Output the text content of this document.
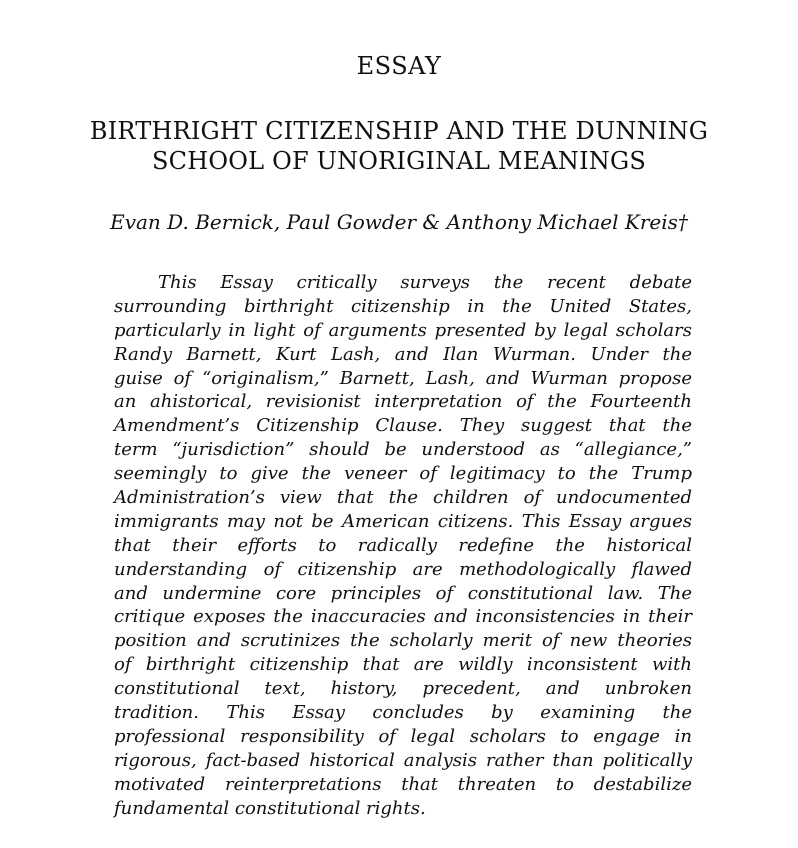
ESSAY
BIRTHRIGHT CITIZENSHIP AND THE DUNNING
SCHOOL OF UNORIGINAL MEANINGS
Evan D. Bernick, Paul Gowder & Anthony Michael Kreis†
This Essay critically surveys the recent debate
surrounding birthright citizenship in the United States,
particularly in light of arguments presented by legal scholars
Randy Barnett, Kurt Lash, and Ilan Wurman. Under the
guise of “originalism,” Barnett, Lash, and Wurman propose
an ahistorical, revisionist interpretation of the Fourteenth
Amendment’s Citizenship Clause. They suggest that the
term “jurisdiction” should be understood as “allegiance,”
seemingly to give the veneer of legitimacy to the Trump
Administration’s view that the children of undocumented
immigrants may not be American citizens. This Essay argues
that their efforts to radically redefine the historical
understanding of citizenship are methodologically flawed
and undermine core principles of constitutional law. The
critique exposes the inaccuracies and inconsistencies in their
position and scrutinizes the scholarly merit of new theories
of birthright citizenship that are wildly inconsistent with
constitutional text, history, precedent, and unbroken
tradition. This Essay concludes by examining the
professional responsibility of legal scholars to engage in
rigorous, fact-based historical analysis rather than politically
motivated reinterpretations that threaten to destabilize
fundamental constitutional rights.
